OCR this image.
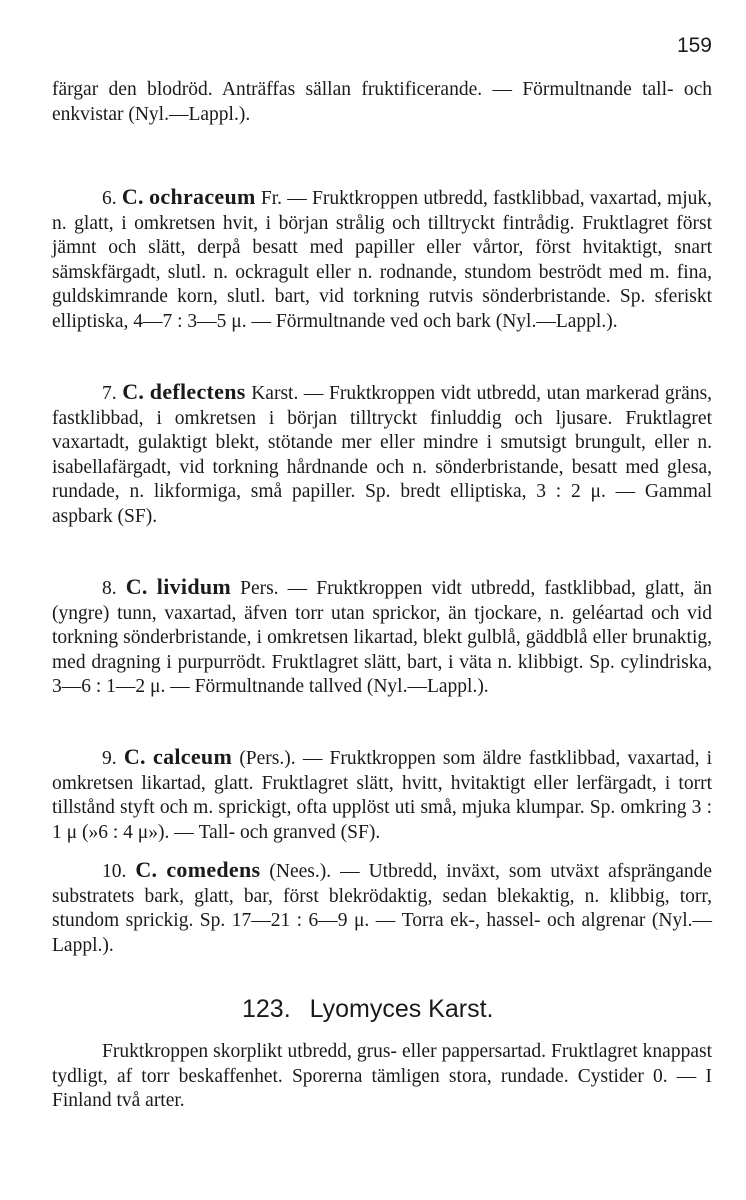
159
färgar den blodröd. Anträffas sällan fruktificerande. — Förmultnande tall- och enkvistar (Nyl.—Lappl.).
6. C. ochraceum Fr. — Fruktkroppen utbredd, fastklibbad, vaxartad, mjuk, n. glatt, i omkretsen hvit, i början strålig och tilltryckt fintrådig. Fruktlagret först jämnt och slätt, derpå besatt med papiller eller vårtor, först hvitaktigt, snart sämskfärgadt, slutl. n. ockragult eller n. rodnande, stundom beströdt med m. fina, guldskimrande korn, slutl. bart, vid torkning rutvis sönderbristande. Sp. sferiskt elliptiska, 4—7 : 3—5 μ. — Förmultnande ved och bark (Nyl.—Lappl.).
7. C. deflectens Karst. — Fruktkroppen vidt utbredd, utan markerad gräns, fastklibbad, i omkretsen i början tilltryckt finluddig och ljusare. Fruktlagret vaxartadt, gulaktigt blekt, stötande mer eller mindre i smutsigt brungult, eller n. isabellafärgadt, vid torkning hårdnande och n. sönderbristande, besatt med glesa, rundade, n. likformiga, små papiller. Sp. bredt elliptiska, 3 : 2 μ. — Gammal aspbark (SF).
8. C. lividum Pers. — Fruktkroppen vidt utbredd, fastklibbad, glatt, än (yngre) tunn, vaxartad, äfven torr utan sprickor, än tjockare, n. geléartad och vid torkning sönderbristande, i omkretsen likartad, blekt gulblå, gäddblå eller brunaktig, med dragning i purpurrödt. Fruktlagret slätt, bart, i väta n. klibbigt. Sp. cylindriska, 3—6 : 1—2 μ. — Förmultnande tallved (Nyl.—Lappl.).
9. C. calceum (Pers.). — Fruktkroppen som äldre fastklibbad, vaxartad, i omkretsen likartad, glatt. Fruktlagret slätt, hvitt, hvitaktigt eller lerfärgadt, i torrt tillstånd styft och m. sprickigt, ofta upplöst uti små, mjuka klumpar. Sp. omkring 3 : 1 μ (»6 : 4 μ»). — Tall- och granved (SF).
10. C. comedens (Nees.). — Utbredd, inväxt, som utväxt afsprängande substratets bark, glatt, bar, först blekrödaktig, sedan blekaktig, n. klibbig, torr, stundom sprickig. Sp. 17—21 : 6—9 μ. — Torra ek-, hassel- och algrenar (Nyl.—Lappl.).
123. Lyomyces Karst.
Fruktkroppen skorplikt utbredd, grus- eller pappersartad. Fruktlagret knappast tydligt, af torr beskaffenhet. Sporerna tämligen stora, rundade. Cystider 0. — I Finland två arter.
